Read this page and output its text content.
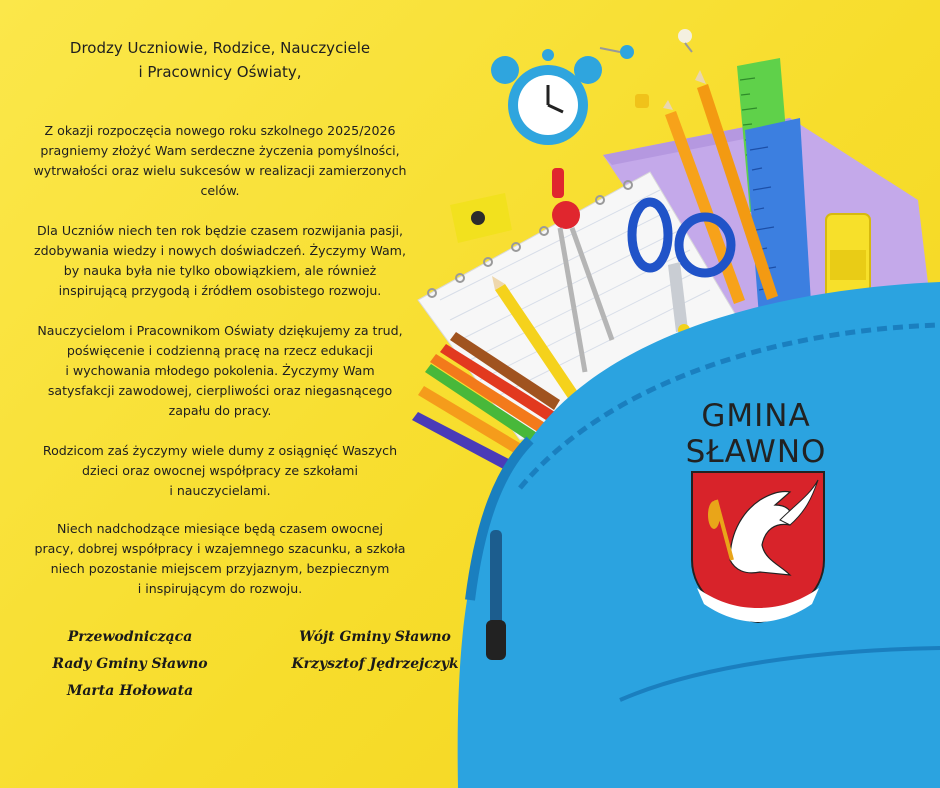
GMINA
SŁAWNO
Drodzy Uczniowie, Rodzice, Nauczyciele
i Pracownicy Oświaty,
Z okazji rozpoczęcia nowego roku szkolnego 2025/2026
pragniemy złożyć Wam serdeczne życzenia pomyślności,
wytrwałości oraz wielu sukcesów w realizacji zamierzonych
celów.
Dla Uczniów niech ten rok będzie czasem rozwijania pasji,
zdobywania wiedzy i nowych doświadczeń. Życzymy Wam,
by nauka była nie tylko obowiązkiem, ale również
inspirującą przygodą i źródłem osobistego rozwoju.
Nauczycielom i Pracownikom Oświaty dziękujemy za trud,
poświęcenie i codzienną pracę na rzecz edukacji
i wychowania młodego pokolenia. Życzymy Wam
satysfakcji zawodowej, cierpliwości oraz niegasnącego
zapału do pracy.
Rodzicom zaś życzymy wiele dumy z osiągnięć Waszych
dzieci oraz owocnej współpracy ze szkołami
i nauczycielami.
Niech nadchodzące miesiące będą czasem owocnej
pracy, dobrej współpracy i wzajemnego szacunku, a szkoła
niech pozostanie miejscem przyjaznym, bezpiecznym
i inspirującym do rozwoju.
Przewodnicząca
Rady Gminy Sławno
Marta Hołowata
Wójt Gminy Sławno
Krzysztof Jędrzejczyk
